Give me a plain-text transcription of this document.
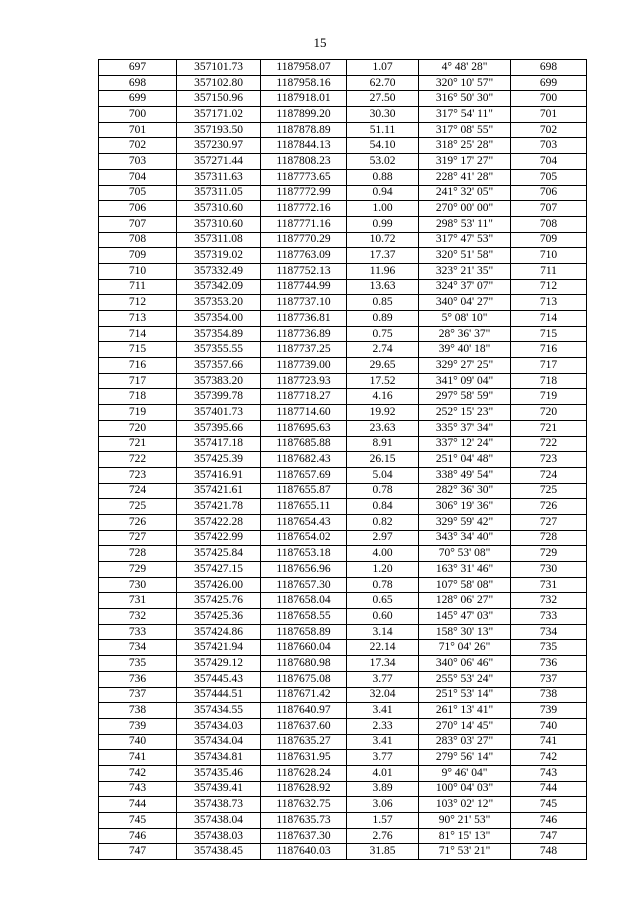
15
697	357101.73	1187958.07	1.07	4° 48' 28"	698
698	357102.80	1187958.16	62.70	320° 10' 57"	699
699	357150.96	1187918.01	27.50	316° 50' 30"	700
700	357171.02	1187899.20	30.30	317° 54' 11"	701
701	357193.50	1187878.89	51.11	317° 08' 55"	702
702	357230.97	1187844.13	54.10	318° 25' 28"	703
703	357271.44	1187808.23	53.02	319° 17' 27"	704
704	357311.63	1187773.65	0.88	228° 41' 28"	705
705	357311.05	1187772.99	0.94	241° 32' 05"	706
706	357310.60	1187772.16	1.00	270° 00' 00"	707
707	357310.60	1187771.16	0.99	298° 53' 11"	708
708	357311.08	1187770.29	10.72	317° 47' 53"	709
709	357319.02	1187763.09	17.37	320° 51' 58"	710
710	357332.49	1187752.13	11.96	323° 21' 35"	711
711	357342.09	1187744.99	13.63	324° 37' 07"	712
712	357353.20	1187737.10	0.85	340° 04' 27"	713
713	357354.00	1187736.81	0.89	5° 08' 10"	714
714	357354.89	1187736.89	0.75	28° 36' 37"	715
715	357355.55	1187737.25	2.74	39° 40' 18"	716
716	357357.66	1187739.00	29.65	329° 27' 25"	717
717	357383.20	1187723.93	17.52	341° 09' 04"	718
718	357399.78	1187718.27	4.16	297° 58' 59"	719
719	357401.73	1187714.60	19.92	252° 15' 23"	720
720	357395.66	1187695.63	23.63	335° 37' 34"	721
721	357417.18	1187685.88	8.91	337° 12' 24"	722
722	357425.39	1187682.43	26.15	251° 04' 48"	723
723	357416.91	1187657.69	5.04	338° 49' 54"	724
724	357421.61	1187655.87	0.78	282° 36' 30"	725
725	357421.78	1187655.11	0.84	306° 19' 36"	726
726	357422.28	1187654.43	0.82	329° 59' 42"	727
727	357422.99	1187654.02	2.97	343° 34' 40"	728
728	357425.84	1187653.18	4.00	70° 53' 08"	729
729	357427.15	1187656.96	1.20	163° 31' 46"	730
730	357426.00	1187657.30	0.78	107° 58' 08"	731
731	357425.76	1187658.04	0.65	128° 06' 27"	732
732	357425.36	1187658.55	0.60	145° 47' 03"	733
733	357424.86	1187658.89	3.14	158° 30' 13"	734
734	357421.94	1187660.04	22.14	71° 04' 26"	735
735	357429.12	1187680.98	17.34	340° 06' 46"	736
736	357445.43	1187675.08	3.77	255° 53' 24"	737
737	357444.51	1187671.42	32.04	251° 53' 14"	738
738	357434.55	1187640.97	3.41	261° 13' 41"	739
739	357434.03	1187637.60	2.33	270° 14' 45"	740
740	357434.04	1187635.27	3.41	283° 03' 27"	741
741	357434.81	1187631.95	3.77	279° 56' 14"	742
742	357435.46	1187628.24	4.01	9° 46' 04"	743
743	357439.41	1187628.92	3.89	100° 04' 03"	744
744	357438.73	1187632.75	3.06	103° 02' 12"	745
745	357438.04	1187635.73	1.57	90° 21' 53"	746
746	357438.03	1187637.30	2.76	81° 15' 13"	747
747	357438.45	1187640.03	31.85	71° 53' 21"	748
